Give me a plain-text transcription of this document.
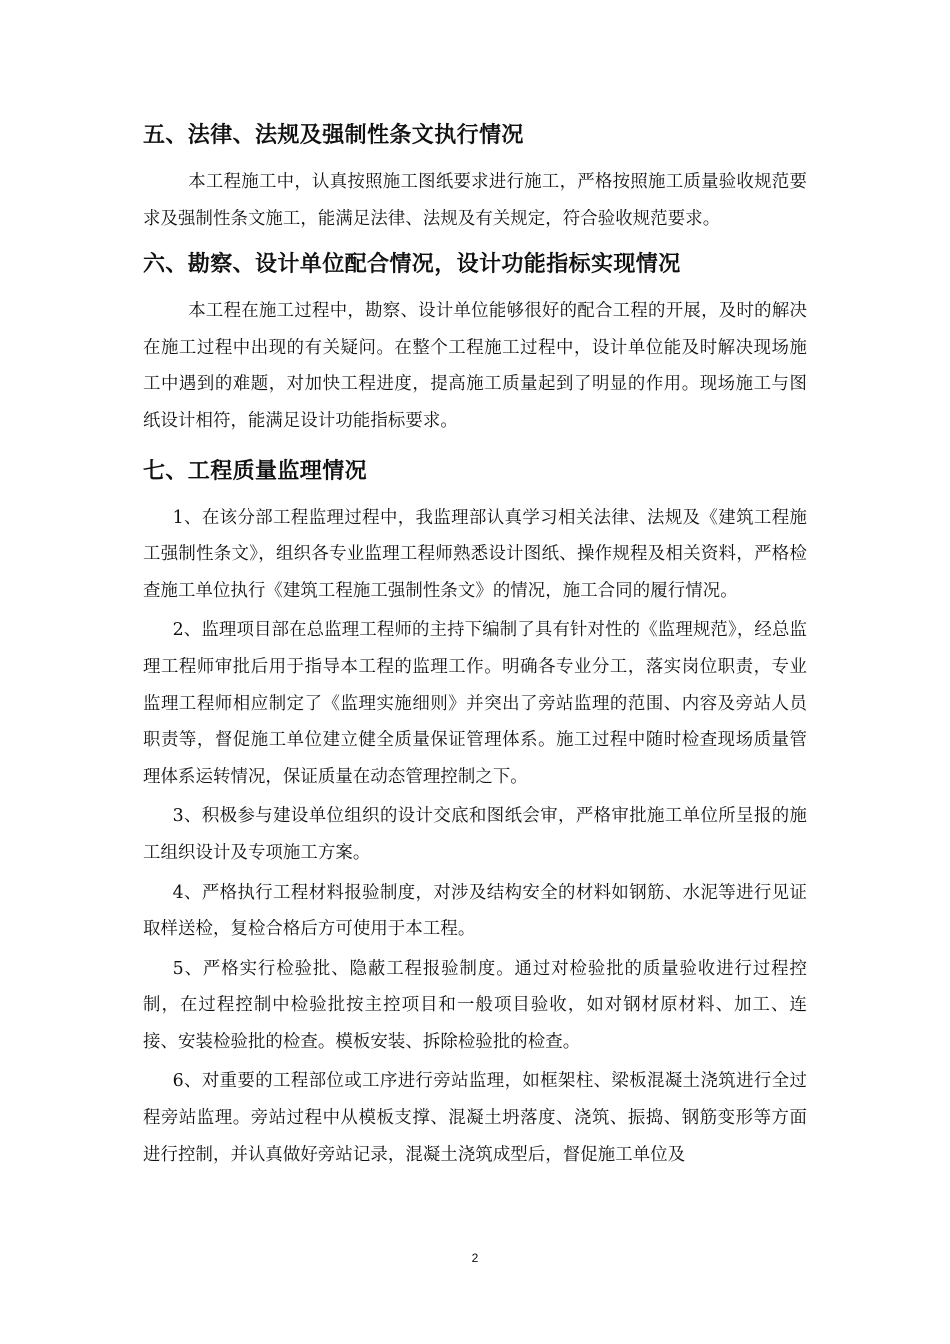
五、法律、法规及强制性条文执行情况

本工程施工中，认真按照施工图纸要求进行施工，严格按照施工质量验收规范要求及强制性条文施工，能满足法律、法规及有关规定，符合验收规范要求。

六、勘察、设计单位配合情况，设计功能指标实现情况

本工程在施工过程中，勘察、设计单位能够很好的配合工程的开展，及时的解决在施工过程中出现的有关疑问。在整个工程施工过程中，设计单位能及时解决现场施工中遇到的难题，对加快工程进度，提高施工质量起到了明显的作用。现场施工与图纸设计相符，能满足设计功能指标要求。

七、工程质量监理情况

1、在该分部工程监理过程中，我监理部认真学习相关法律、法规及《建筑工程施工强制性条文》，组织各专业监理工程师熟悉设计图纸、操作规程及相关资料，严格检查施工单位执行《建筑工程施工强制性条文》的情况，施工合同的履行情况。

2、监理项目部在总监理工程师的主持下编制了具有针对性的《监理规范》，经总监理工程师审批后用于指导本工程的监理工作。明确各专业分工，落实岗位职责，专业监理工程师相应制定了《监理实施细则》并突出了旁站监理的范围、内容及旁站人员职责等，督促施工单位建立健全质量保证管理体系。施工过程中随时检查现场质量管理体系运转情况，保证质量在动态管理控制之下。

3、积极参与建设单位组织的设计交底和图纸会审，严格审批施工单位所呈报的施工组织设计及专项施工方案。

4、严格执行工程材料报验制度，对涉及结构安全的材料如钢筋、水泥等进行见证取样送检，复检合格后方可使用于本工程。

5、严格实行检验批、隐蔽工程报验制度。通过对检验批的质量验收进行过程控制，在过程控制中检验批按主控项目和一般项目验收，如对钢材原材料、加工、连接、安装检验批的检查。模板安装、拆除检验批的检查。

6、对重要的工程部位或工序进行旁站监理，如框架柱、梁板混凝土浇筑进行全过程旁站监理。旁站过程中从模板支撑、混凝土坍落度、浇筑、振捣、钢筋变形等方面进行控制，并认真做好旁站记录，混凝土浇筑成型后，督促施工单位及

2
